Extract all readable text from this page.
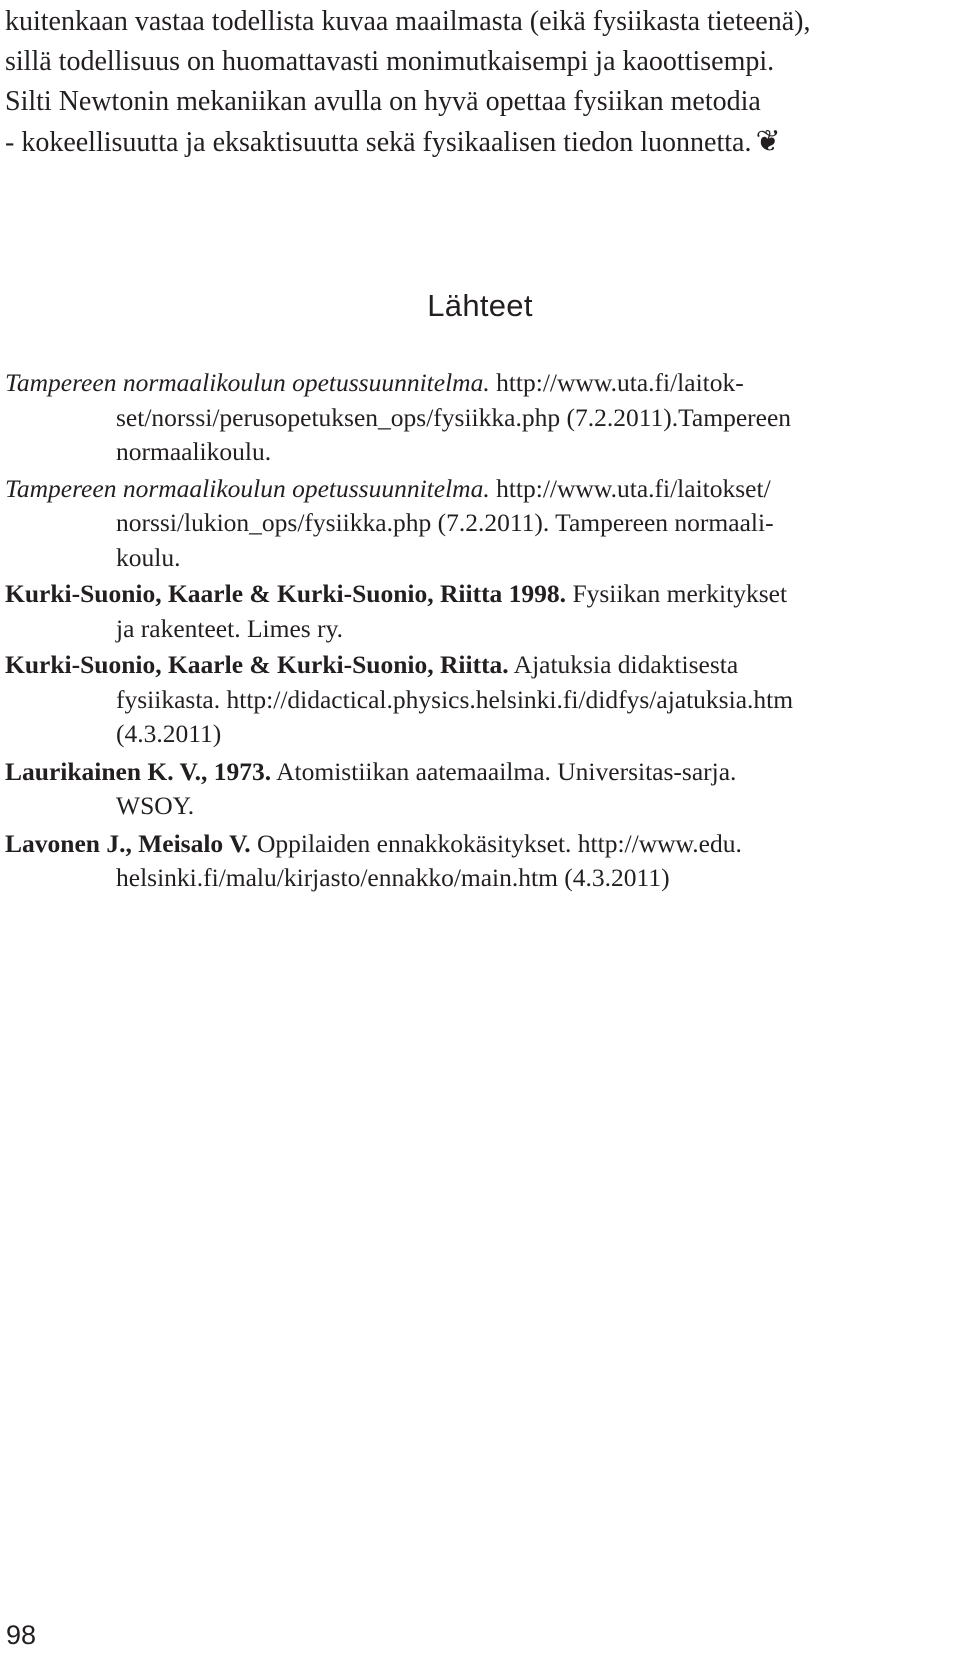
kuitenkaan vastaa todellista kuvaa maailmasta (eikä fysiikasta tieteenä),
sillä todellisuus on huomattavasti monimutkaisempi ja kaoottisempi.
Silti Newtonin mekaniikan avulla on hyvä opettaa fysiikan metodia
- kokeellisuutta ja eksaktisuutta sekä fysikaalisen tiedon luonnetta. ❦

Lähteet
Tampereen normaalikoulun opetussuunnitelma. http://www.uta.fi/laitok-
set/norssi/perusopetuksen_ops/fysiikka.php (7.2.2011).Tampereen
normaalikoulu.
Tampereen normaalikoulun opetussuunnitelma. http://www.uta.fi/laitokset/
norssi/lukion_ops/fysiikka.php (7.2.2011). Tampereen normaali-
koulu.
Kurki-Suonio, Kaarle & Kurki-Suonio, Riitta 1998. Fysiikan merkitykset
ja rakenteet. Limes ry.
Kurki-Suonio, Kaarle & Kurki-Suonio, Riitta. Ajatuksia didaktisesta
fysiikasta. http://didactical.physics.helsinki.fi/didfys/ajatuksia.htm
(4.3.2011)
Laurikainen K. V., 1973. Atomistiikan aatemaailma. Universitas-sarja.
WSOY.
Lavonen J., Meisalo V. Oppilaiden ennakkokäsitykset. http://www.edu.
helsinki.fi/malu/kirjasto/ennakko/main.htm (4.3.2011)
98
